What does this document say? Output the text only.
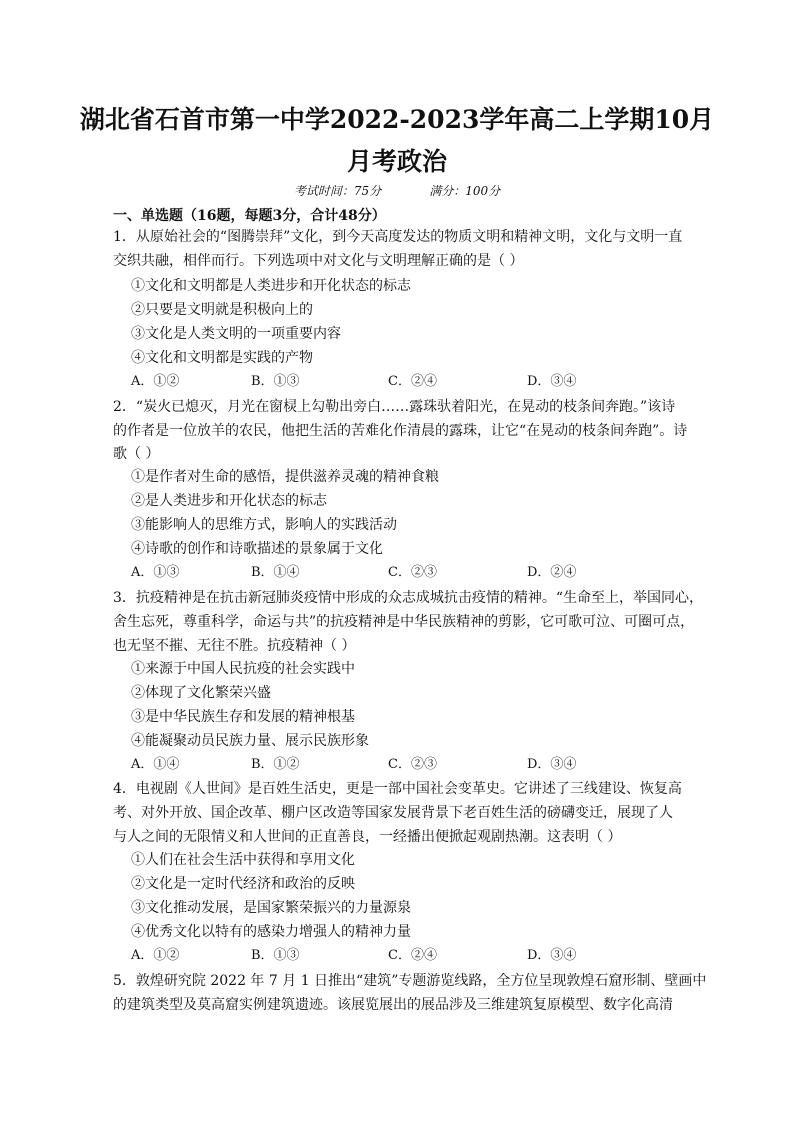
湖北省石首市第一中学2022-2023学年高二上学期10月
月考政治
考试时间：75分	满分：100分
一、单选题（16题，每题3分，合计48分）
1．从原始社会的“图腾崇拜”文化，到今天高度发达的物质文明和精神文明，文化与文明一直
交织共融，相伴而行。下列选项中对文化与文明理解正确的是（ ）
①文化和文明都是人类进步和开化状态的标志
②只要是文明就是积极向上的
③文化是人类文明的一项重要内容
④文化和文明都是实践的产物
A．①②	B．①③	C．②④	D．③④
2．“炭火已熄灭，月光在窗棂上勾勒出旁白……露珠驮着阳光，在晃动的枝条间奔跑。”该诗
的作者是一位放羊的农民，他把生活的苦难化作清晨的露珠，让它“在晃动的枝条间奔跑”。诗
歌（ ）
①是作者对生命的感悟，提供滋养灵魂的精神食粮
②是人类进步和开化状态的标志
③能影响人的思维方式，影响人的实践活动
④诗歌的创作和诗歌描述的景象属于文化
A．①③	B．①④	C．②③	D．②④
3．抗疫精神是在抗击新冠肺炎疫情中形成的众志成城抗击疫情的精神。“生命至上，举国同心，
舍生忘死，尊重科学，命运与共”的抗疫精神是中华民族精神的剪影，它可歌可泣、可圈可点，
也无坚不摧、无往不胜。抗疫精神（ ）
①来源于中国人民抗疫的社会实践中
②体现了文化繁荣兴盛
③是中华民族生存和发展的精神根基
④能凝聚动员民族力量、展示民族形象
A．①④	B．①②	C．②③	D．③④
4．电视剧《人世间》是百姓生活史，更是一部中国社会变革史。它讲述了三线建设、恢复高
考、对外开放、国企改革、棚户区改造等国家发展背景下老百姓生活的磅礴变迁，展现了人
与人之间的无限情义和人世间的正直善良，一经播出便掀起观剧热潮。这表明（ ）
①人们在社会生活中获得和享用文化
②文化是一定时代经济和政治的反映
③文化推动发展，是国家繁荣振兴的力量源泉
④优秀文化以特有的感染力增强人的精神力量
A．①②	B．①③	C．②④	D．③④
5．敦煌研究院 2022 年 7 月 1 日推出“建筑”专题游览线路，全方位呈现敦煌石窟形制、壁画中
的建筑类型及莫高窟实例建筑遗迹。该展览展出的展品涉及三维建筑复原模型、数字化高清
